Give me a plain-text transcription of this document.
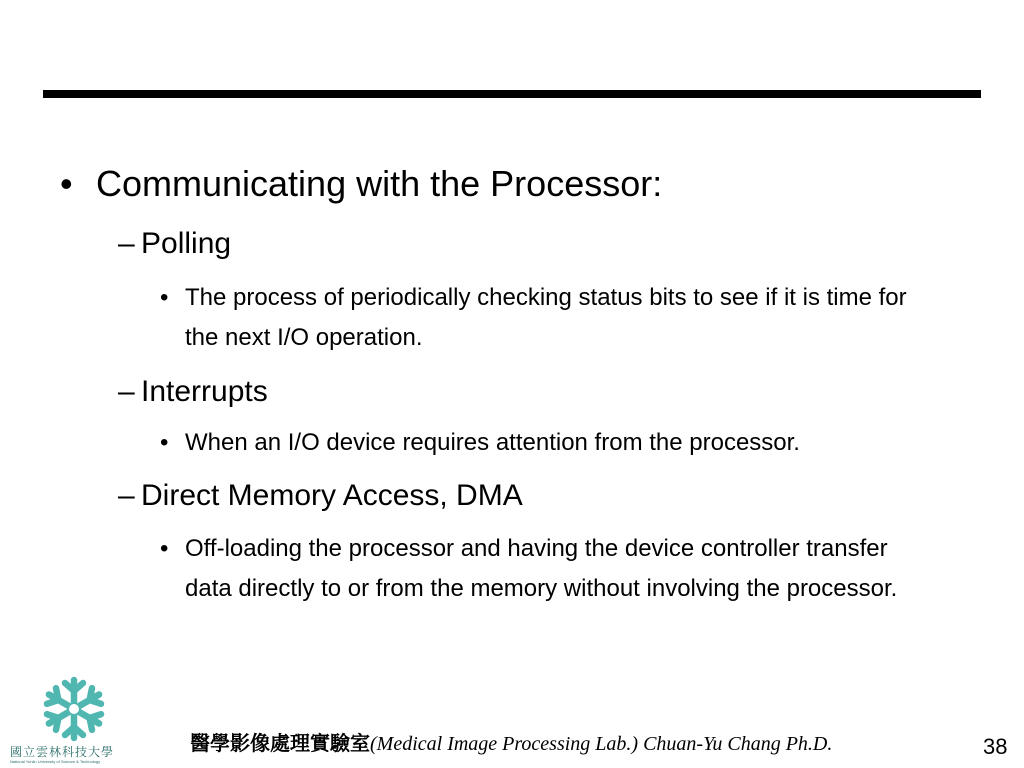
• Communicating with the Processor:
– Polling
• The process of periodically checking status bits to see if it is time for the next I/O operation.
– Interrupts
• When an I/O device requires attention from the processor.
– Direct Memory Access, DMA
• Off-loading the processor and having the device controller transfer data directly to or from the memory without involving the processor.
國立雲林科技大學
National Yunlin University of Science & Technology
醫學影像處理實驗室(Medical Image Processing Lab.) Chuan-Yu Chang Ph.D.	38
